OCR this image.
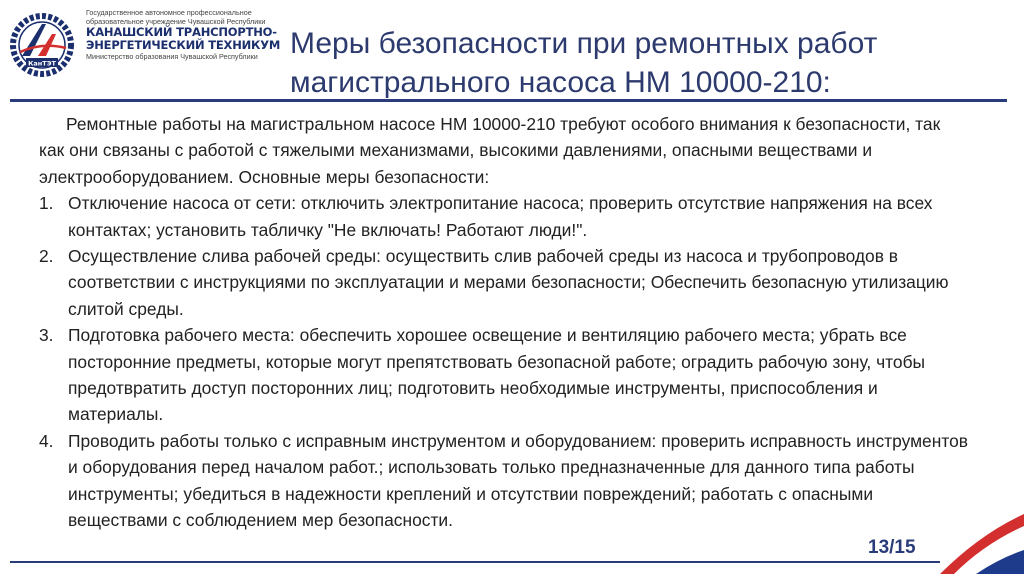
КанТЭТ
Государственное автономное профессиональное
образовательное учреждение Чувашской Республики
КАНАШСКИЙ ТРАНСПОРТНО-
ЭНЕРГЕТИЧЕСКИЙ ТЕХНИКУМ
Министерство образования Чувашской Республики	Меры безопасности при ремонтных работ
магистрального насоса НМ 10000-210:

Ремонтные работы на магистральном насосе НМ 10000-210 требуют особого внимания к безопасности, так как они связаны с работой с тяжелыми механизмами, высокими давлениями, опасными веществами и электрооборудованием. Основные меры безопасности:

1. Отключение насоса от сети: отключить электропитание насоса; проверить отсутствие напряжения на всех контактах; установить табличку "Не включать! Работают люди!".
2. Осуществление слива рабочей среды: осуществить слив рабочей среды из насоса и трубопроводов в соответствии с инструкциями по эксплуатации и мерами безопасности; Обеспечить безопасную утилизацию слитой среды.
3. Подготовка рабочего места: обеспечить хорошее освещение и вентиляцию рабочего места; убрать все посторонние предметы, которые могут препятствовать безопасной работе; оградить рабочую зону, чтобы предотвратить доступ посторонних лиц; подготовить необходимые инструменты, приспособления и материалы.
4. Проводить работы только с исправным инструментом и оборудованием: проверить исправность инструментов и оборудования перед началом работ.; использовать только предназначенные для данного типа работы инструменты; убедиться в надежности креплений и отсутствии повреждений; работать с опасными веществами с соблюдением мер безопасности.
13/15
